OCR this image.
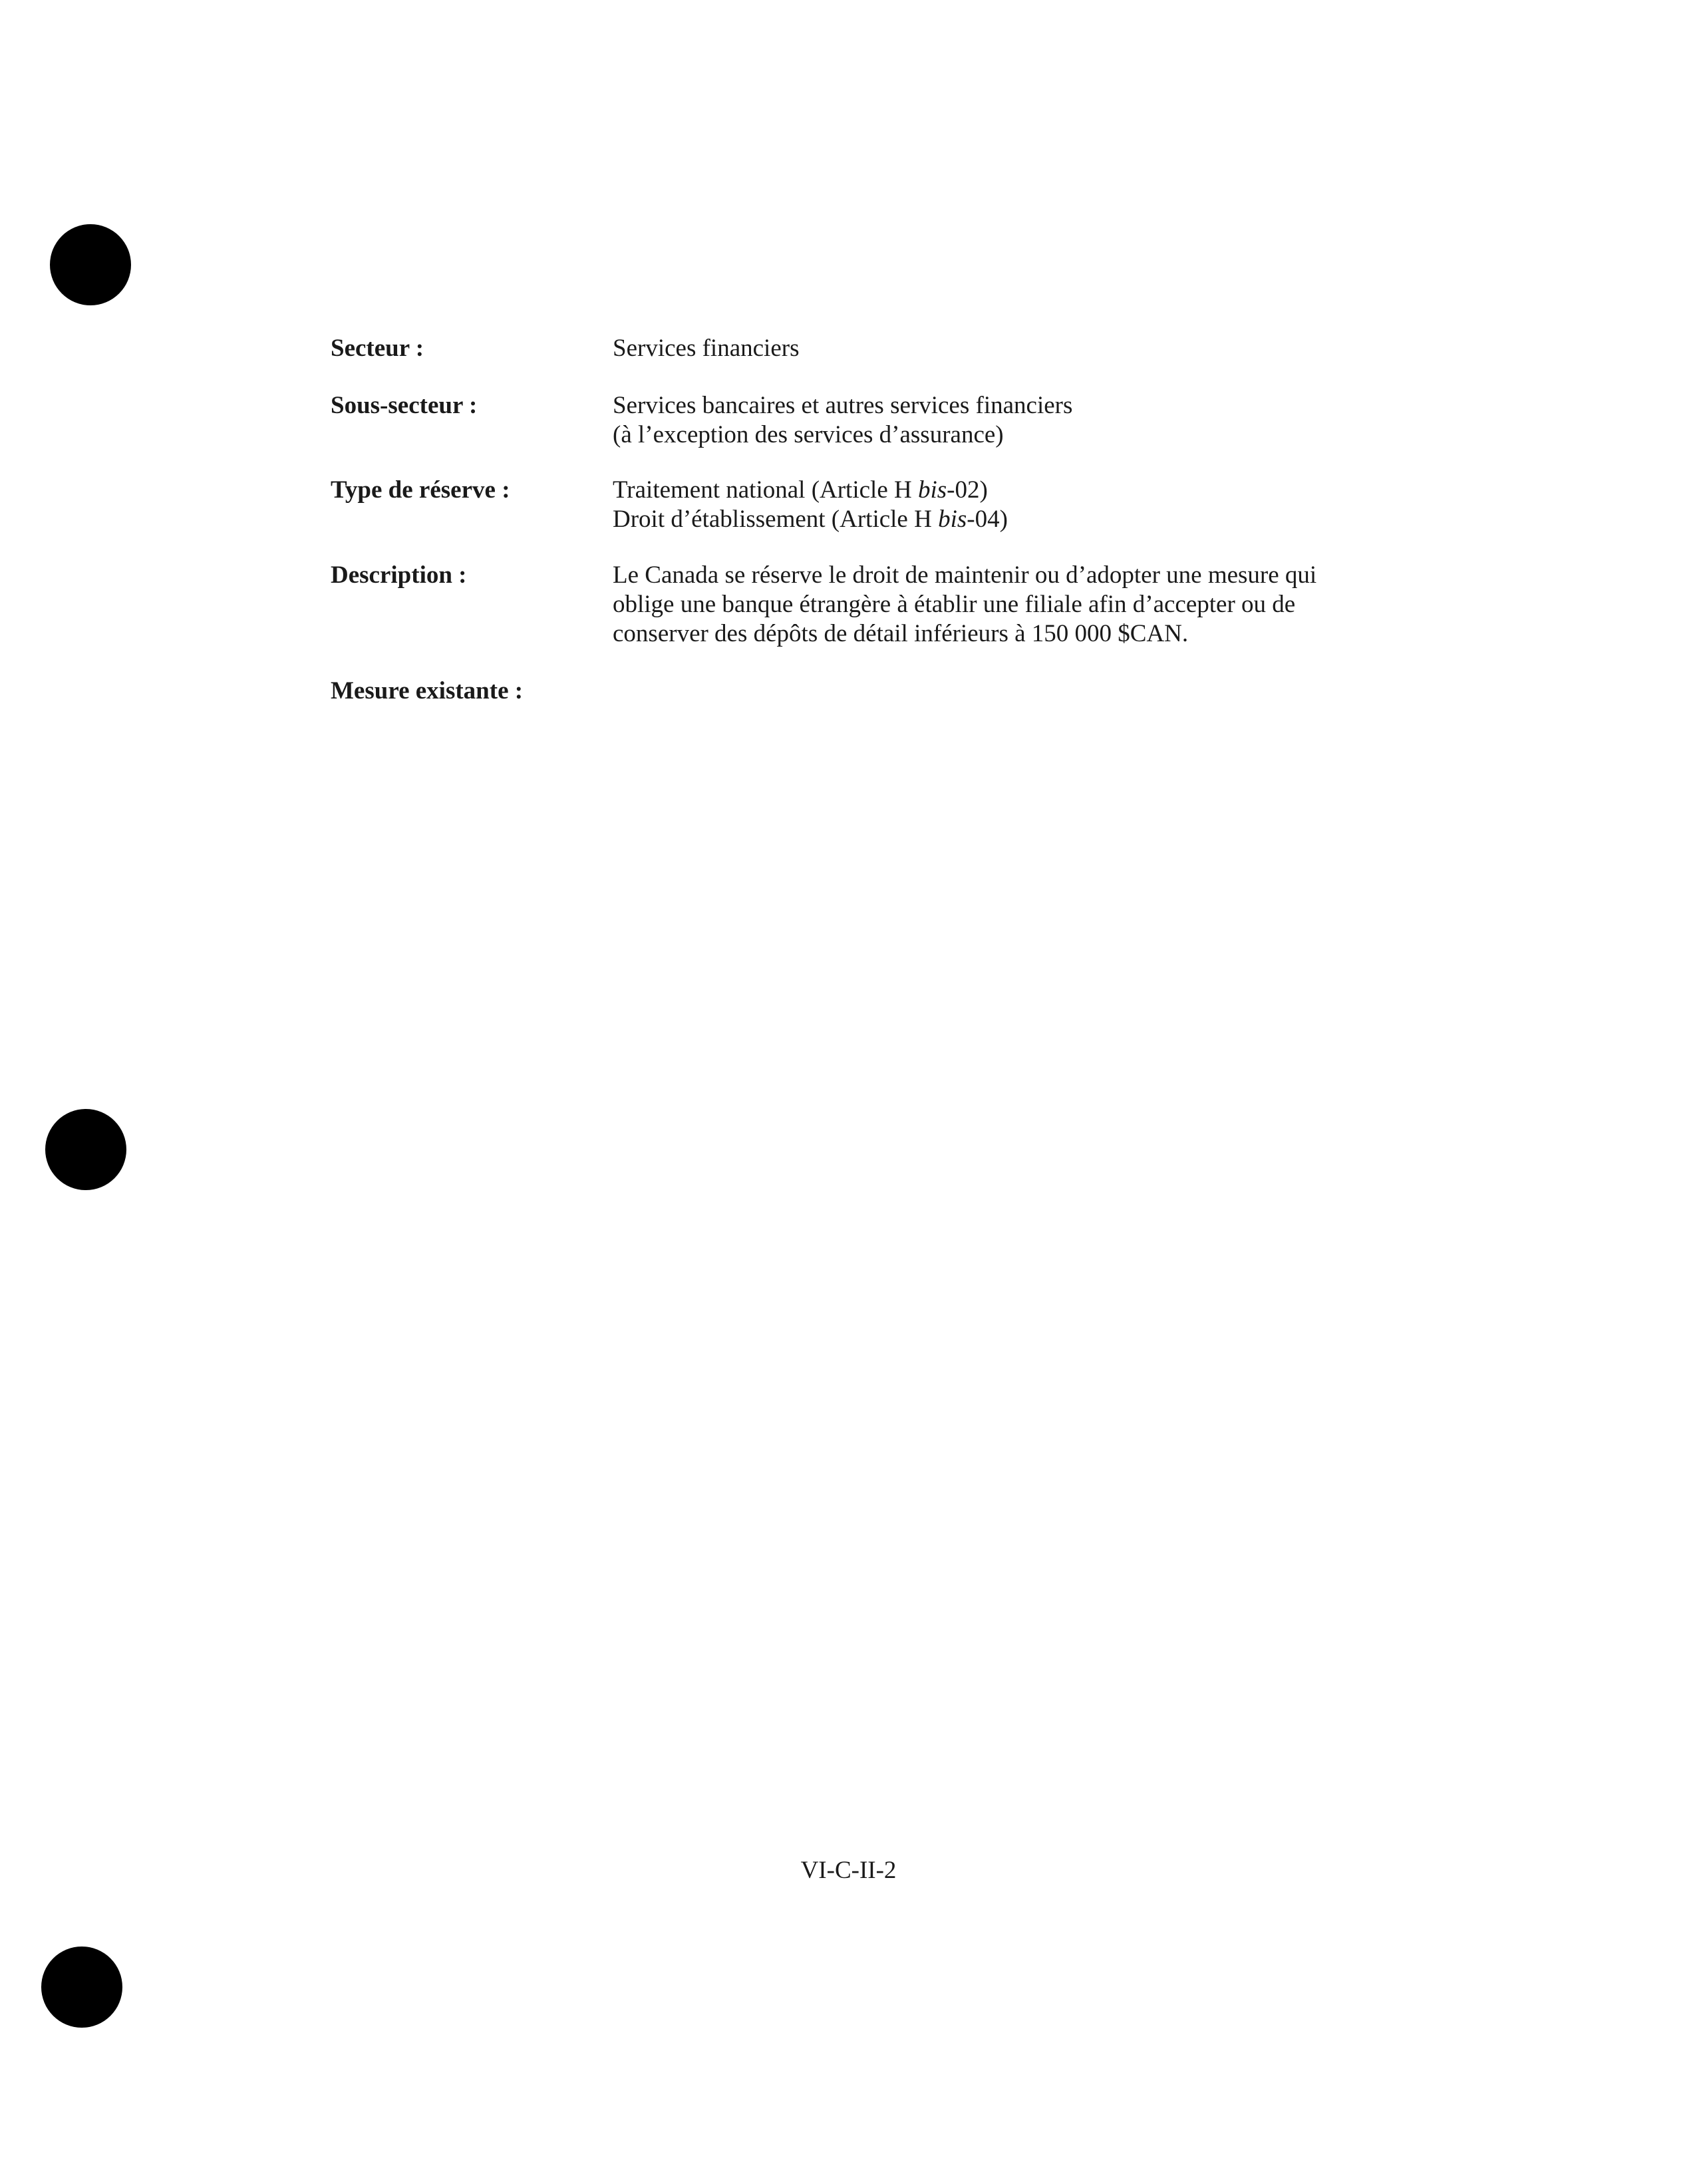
Secteur :	Services financiers
Sous-secteur :	Services bancaires et autres services financiers
(à l’exception des services d’assurance)
Type de réserve :	Traitement national (Article H bis-02)
Droit d’établissement (Article H bis-04)
Description :	Le Canada se réserve le droit de maintenir ou d’adopter une mesure qui
oblige une banque étrangère à établir une filiale afin d’accepter ou de
conserver des dépôts de détail inférieurs à 150 000 $CAN.
Mesure existante :
VI-C-II-2
